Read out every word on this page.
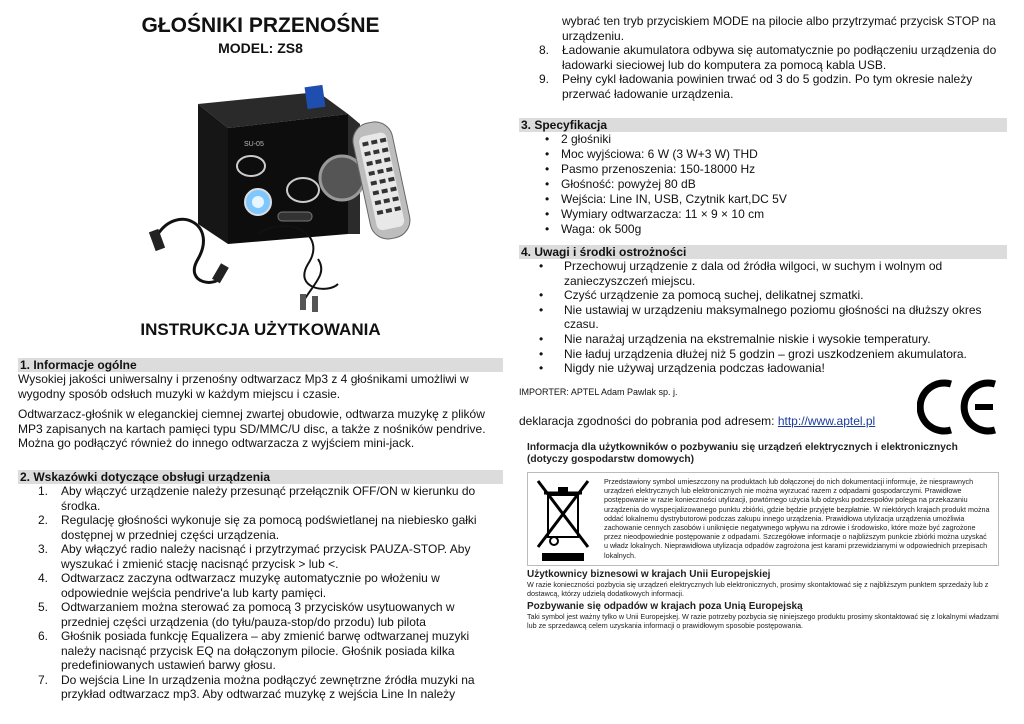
GŁOŚNIKI PRZENOŚNE
MODEL: ZS8
SU-05
INSTRUKCJA UŻYTKOWANIA
1. Informacje ogólne

Wysokiej jakości uniwersalny i przenośny odtwarzacz Mp3 z 4 głośnikami umożliwi w wygodny sposób odsłuch muzyki w każdym miejscu i czasie.

Odtwarzacz-głośnik w eleganckiej ciemnej zwartej obudowie, odtwarza muzykę z plików MP3 zapisanych na kartach pamięci typu SD/MMC/U disc, a także z nośników pendrive. Można go podłączyć również do innego odtwarzacza z wyjściem mini-jack.

2. Wskazówki dotyczące obsługi urządzenia
1.	Aby włączyć urządzenie należy przesunąć przełącznik OFF/ON w kierunku do środka.
2.	Regulację głośności wykonuje się za pomocą podświetlanej na niebiesko gałki dostępnej w przedniej części urządzenia.
3.	Aby włączyć radio należy nacisnąć i przytrzymać przycisk PAUZA-STOP. Aby wyszukać i zmienić stację nacisnąć przycisk > lub <.
4.	Odtwarzacz zaczyna odtwarzacz muzykę automatycznie po włożeniu w odpowiednie wejścia pendrive'a lub karty pamięci.
5.	Odtwarzaniem można sterować za pomocą 3 przycisków usytuowanych w przedniej części urządzenia (do tyłu/pauza-stop/do przodu) lub pilota
6.	Głośnik posiada funkcję Equalizera – aby zmienić barwę odtwarzanej muzyki należy nacisnąć przycisk EQ na dołączonym pilocie. Głośnik posiada kilka predefiniowanych ustawień barwy głosu.
7.	Do wejścia Line In urządzenia można podłączyć zewnętrzne źródła muzyki na przykład odtwarzacz mp3. Aby odtwarzać muzykę z wejścia Line In należy
wybrać ten tryb przyciskiem MODE na pilocie albo przytrzymać przycisk STOP na urządzeniu.
8.	Ładowanie akumulatora odbywa się automatycznie po podłączeniu urządzenia do ładowarki sieciowej lub do komputera za pomocą kabla USB.
9.	Pełny cykl ładowania powinien trwać od 3 do 5 godzin. Po tym okresie należy przerwać ładowanie urządzenia.
3. Specyfikacja
• 2 głośniki
• Moc wyjściowa: 6 W (3 W+3 W) THD
• Pasmo przenoszenia: 150-18000 Hz
• Głośność: powyżej 80 dB
• Wejścia: Line IN, USB, Czytnik kart,DC 5V
• Wymiary odtwarzacza: 11 × 9 × 10 cm
• Waga: ok 500g
4. Uwagi i środki ostrożności
• Przechowuj urządzenie z dala od źródła wilgoci, w suchym i wolnym od zanieczyszczeń miejscu.
• Czyść urządzenie za pomocą suchej, delikatnej szmatki.
• Nie ustawiaj w urządzeniu maksymalnego poziomu głośności na dłuższy okres czasu.
• Nie narażaj urządzenia na ekstremalnie niskie i wysokie temperatury.
• Nie ładuj urządzenia dłużej niż 5 godzin – grozi uszkodzeniem akumulatora.
• Nigdy nie używaj urządzenia podczas ładowania!

IMPORTER: APTEL Adam Pawlak sp. j.

deklaracja zgodności do pobrania pod adresem: http://www.aptel.pl

Informacja dla użytkowników o pozbywaniu się urządzeń elektrycznych i elektronicznych (dotyczy gospodarstw domowych)
Przedstawiony symbol umieszczony na produktach lub dołączonej do nich dokumentacji informuje, że niesprawnych urządzeń elektrycznych lub elektronicznych nie można wyrzucać razem z odpadami gospodarczymi. Prawidłowe postępowanie w razie konieczności utylizacji, powtórnego użycia lub odzysku podzespołów polega na przekazaniu urządzenia do wyspecjalizowanego punktu zbiórki, gdzie będzie przyjęte bezpłatnie. W niektórych krajach produkt można oddać lokalnemu dystrybutorowi podczas zakupu innego urządzenia. Prawidłowa utylizacja urządzenia umożliwia zachowanie cennych zasobów i uniknięcie negatywnego wpływu na zdrowie i środowisko, które może być zagrożone przez nieodpowiednie postępowanie z odpadami. Szczegółowe informacje o najbliższym punkcie zbiórki można uzyskać u władz lokalnych. Nieprawidłowa utylizacja odpadów zagrożona jest karami przewidzianymi w odpowiednich przepisach lokalnych.
Użytkownicy biznesowi w krajach Unii Europejskiej
W razie konieczności pozbycia się urządzeń elektrycznych lub elektronicznych, prosimy skontaktować się z najbliższym punktem sprzedaży lub z dostawcą, którzy udzielą dodatkowych informacji.
Pozbywanie się odpadów w krajach poza Unią Europejską
Taki symbol jest ważny tylko w Unii Europejskej. W razie potrzeby pozbycia się niniejszego produktu prosimy skontaktować się z lokalnymi władzami lub ze sprzedawcą celem uzyskania informacji o prawidłowym sposobie postępowania.
